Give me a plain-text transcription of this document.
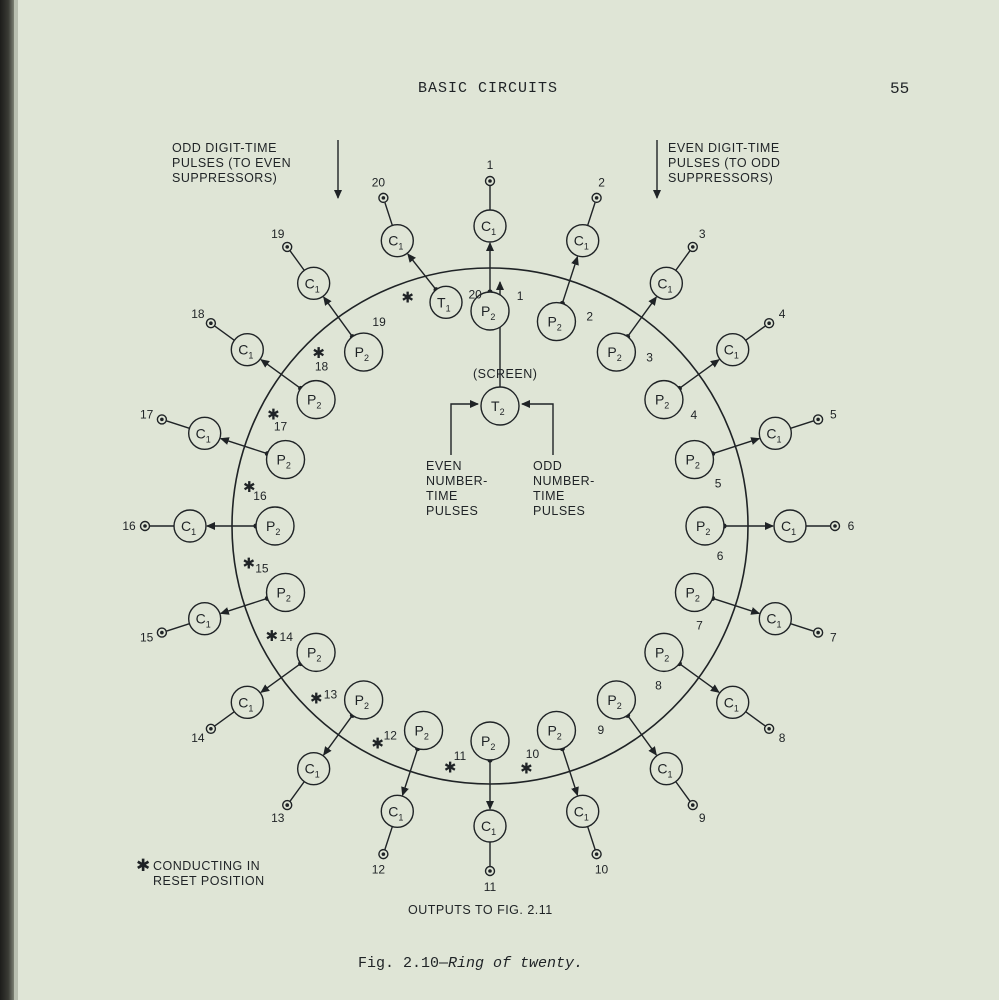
BASIC CIRCUITS	55
ODD DIGIT-TIME PULSES (TO EVEN SUPPRESSORS)
EVEN DIGIT-TIME PULSES (TO ODD SUPPRESSORS)
$T_2$
(SCREEN)
EVEN NUMBER- TIME PULSES
ODD NUMBER- TIME PULSES
$P_2$
$C_1$
1
1
$P_2$
$C_1$
2
2
$P_2$
$C_1$
3
3
$P_2$
$C_1$
4
4
$P_2$
$C_1$
5
5
$P_2$	$C_1$
6
6
$P_2$
$C_1$
7
7
$P_2$
$C_1$
8
8
$P_2$
$C_1$
9
9
$P_2$
$C_1$
10
10
$P_2$
$C_1$
11
11
✱
$P_2$
$C_1$
12
12
✱
$P_2$
$C_1$
13
13
✱
$P_2$
$C_1$
14
14
✱
$P_2$
$C_1$
15
15	✱
$P_2$
$C_1$
16
16
✱
$P_2$
$C_1$
17
17
✱
$P_2$
$C_1$
18
18
✱
$P_2$
$C_1$
19
19
✱
$T_1$
$C_1$
20
20
✱
✱ CONDUCTING IN RESET POSITION
OUTPUTS TO FIG. 2.11
Fig. 2.10—Ring of twenty.
